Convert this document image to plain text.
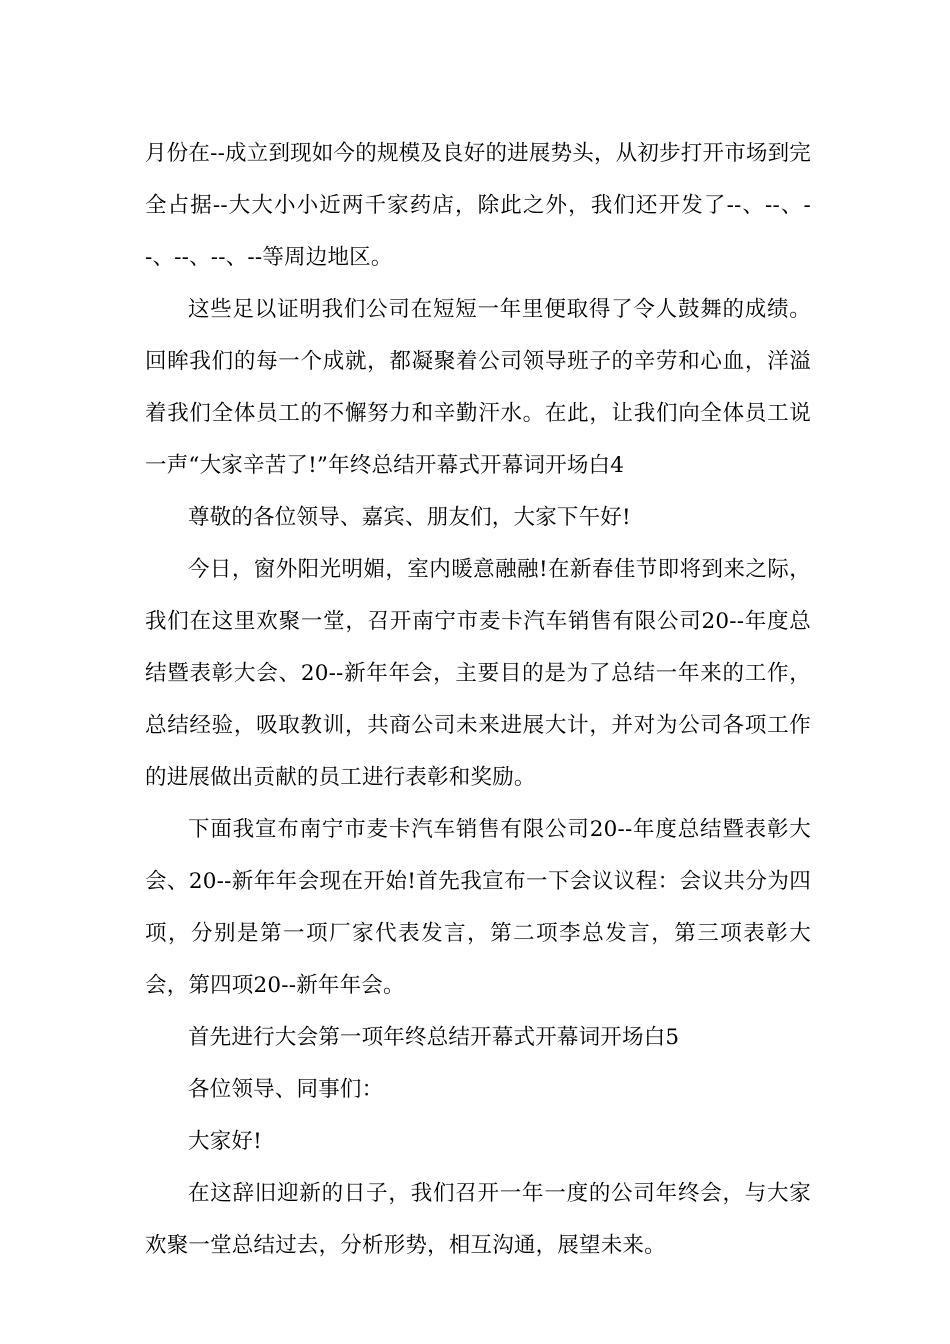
月份在--成立到现如今的规模及良好的进展势头，从初步打开市场到完全占据--大大小小近两千家药店，除此之外，我们还开发了--、--、--、--、--、--等周边地区。

这些足以证明我们公司在短短一年里便取得了令人鼓舞的成绩。回眸我们的每一个成就，都凝聚着公司领导班子的辛劳和心血，洋溢着我们全体员工的不懈努力和辛勤汗水。在此，让我们向全体员工说一声“大家辛苦了!”年终总结开幕式开幕词开场白4

尊敬的各位领导、嘉宾、朋友们，大家下午好!

今日，窗外阳光明媚，室内暖意融融!在新春佳节即将到来之际，我们在这里欢聚一堂，召开南宁市麦卡汽车销售有限公司20--年度总结暨表彰大会、20--新年年会，主要目的是为了总结一年来的工作，总结经验，吸取教训，共商公司未来进展大计，并对为公司各项工作的进展做出贡献的员工进行表彰和奖励。

下面我宣布南宁市麦卡汽车销售有限公司20--年度总结暨表彰大会、20--新年年会现在开始!首先我宣布一下会议议程：会议共分为四项，分别是第一项厂家代表发言，第二项李总发言，第三项表彰大会，第四项20--新年年会。

首先进行大会第一项年终总结开幕式开幕词开场白5

各位领导、同事们：

大家好!

在这辞旧迎新的日子，我们召开一年一度的公司年终会，与大家欢聚一堂总结过去，分析形势，相互沟通，展望未来。
